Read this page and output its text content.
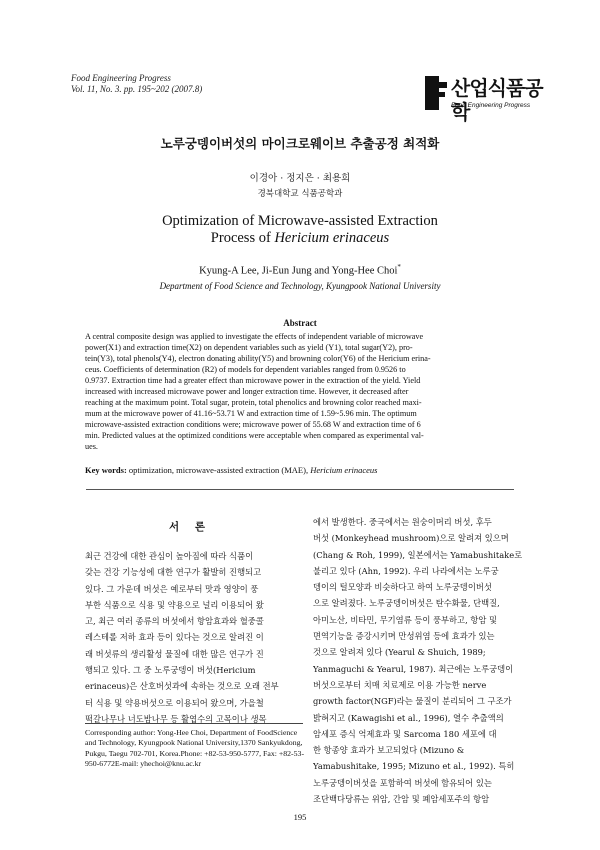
Food Engineering Progress
Vol. 11, No. 3. pp. 195~202 (2007.8)	산업식품공학
Food Engineering Progress
노루궁뎅이버섯의 마이크로웨이브 추출공정 최적화
이경아 · 정지은 · 최용희
경북대학교 식품공학과
Optimization of Microwave-assisted Extraction
Process of Hericium erinaceus
Kyung-A Lee, Ji-Eun Jung and Yong-Hee Choi*
Department of Food Science and Technology, Kyungpook National University
Abstract
A central composite design was applied to investigate the effects of independent variable of microwave
power(X1) and extraction time(X2) on dependent variables such as yield (Y1), total sugar(Y2), pro-
tein(Y3), total phenols(Y4), electron donating ability(Y5) and browning color(Y6) of the Hericium erina-
ceus. Coefficients of determination (R2) of models for dependent variables ranged from 0.9526 to
0.9737. Extraction time had a greater effect than microwave power in the extraction of the yield. Yield
increased with increased microwave power and longer extraction time. However, it decreased after
reaching at the maximum point. Total sugar, protein, total phenolics and browning color reached maxi-
mum at the microwave power of 41.16~53.71 W and extraction time of 1.59~5.96 min. The optimum
microwave-assisted extraction conditions were; microwave power of 55.68 W and extraction time of 6
min. Predicted values at the optimized conditions were acceptable when compared as experimental val-
ues.
Key words: optimization, microwave-assisted extraction (MAE), Hericium erinaceus
서 론
최근 건강에 대한 관심이 높아짐에 따라 식품이
갖는 건강 기능성에 대한 연구가 활발히 진행되고
있다. 그 가운데 버섯은 예로부터 맛과 영양이 풍
부한 식품으로 식용 및 약용으로 널리 이용되어 왔
고, 최근 여러 종류의 버섯에서 항암효과와 혈중콜
레스테롤 저하 효과 등이 있다는 것으로 알려진 이
래 버섯류의 생리활성 물질에 대한 많은 연구가 진
행되고 있다. 그 중 노루궁뎅이 버섯(Hericium
erinaceus)은 산호버섯과에 속하는 것으로 오래 전부
터 식용 및 약용버섯으로 이용되어 왔으며, 가을철
떡갈나무나 너도밤나무 등 활엽수의 고목이나 생목
에서 발생한다. 중국에서는 원숭이머리 버섯, 후두
버섯 (Monkeyhead mushroom)으로 알려져 있으며
(Chang & Roh, 1999), 일본에서는 Yamabushitake로
불리고 있다 (Ahn, 1992). 우리 나라에서는 노루궁
뎅이의 털모양과 비슷하다고 하여 노루궁뎅이버섯
으로 알려졌다. 노루궁뎅이버섯은 탄수화물, 단백질,
아미노산, 비타민, 무기염류 등이 풍부하고, 항암 및
면역기능을 증강시키며 만성위염 등에 효과가 있는
것으로 알려져 있다 (Yearul & Shuich, 1989;
Yanmaguchi & Yearul, 1987). 최근에는 노루궁뎅이
버섯으로부터 치매 치료제로 이용 가능한 nerve
growth factor(NGF)라는 물질이 분리되어 그 구조가
밝혀지고 (Kawagishi et al., 1996), 열수 추출액의
암세포 증식 억제효과 및 Sarcoma 180 세포에 대
한 항종양 효과가 보고되었다 (Mizuno &
Yamabushitake, 1995; Mizuno et al., 1992). 특히
노루궁뎅이버섯을 포함하여 버섯에 함유되어 있는
조단백다당류는 위암, 간암 및 폐암세포주의 항암
Corresponding author: Yong-Hee Choi, Department of FoodScience and Technology, Kyungpook National University,1370 Sankyukdong, Pukgu, Taegu 702-701, Korea.Phone: +82-53-950-5777, Fax: +82-53-950-6772E-mail: yhechoi@knu.ac.kr
195
